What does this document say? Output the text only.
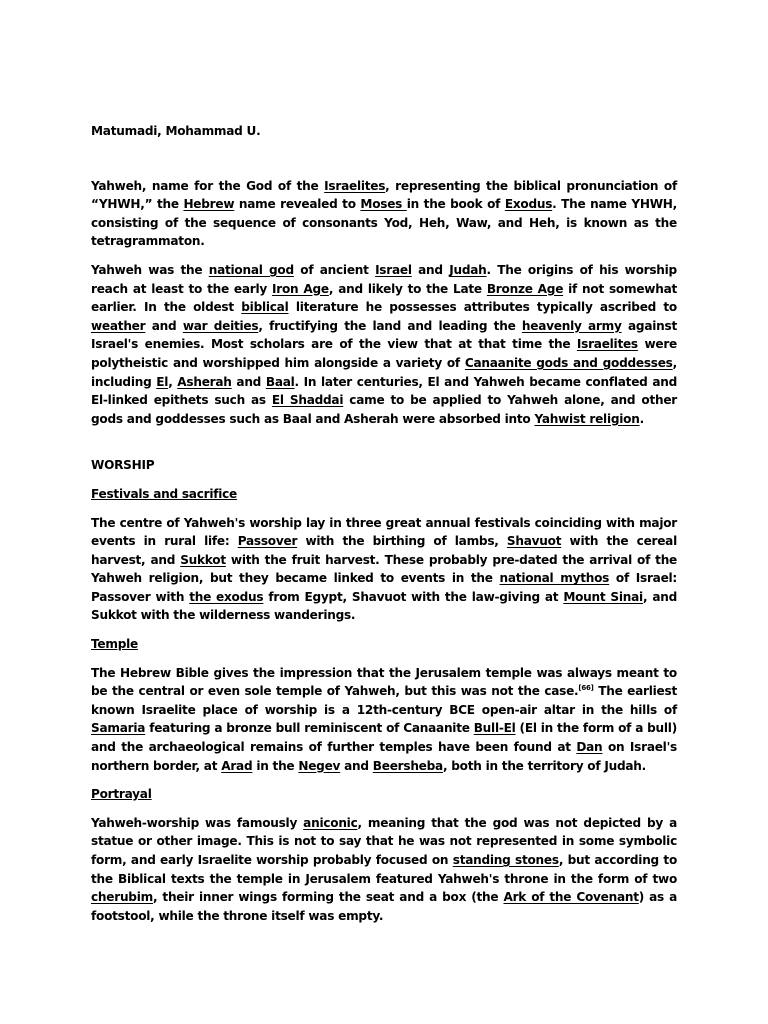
Matumadi, Mohammad U.

Yahweh, name for the God of the Israelites, representing the biblical pronunciation of “YHWH,” the Hebrew name revealed to Moses in the book of Exodus. The name YHWH, consisting of the sequence of consonants Yod, Heh, Waw, and Heh, is known as the tetragrammaton.

Yahweh was the national god of ancient Israel and Judah. The origins of his worship reach at least to the early Iron Age, and likely to the Late Bronze Age if not somewhat earlier. In the oldest biblical literature he possesses attributes typically ascribed to weather and war deities, fructifying the land and leading the heavenly army against Israel's enemies. Most scholars are of the view that at that time the Israelites were polytheistic and worshipped him alongside a variety of Canaanite gods and goddesses, including El, Asherah and Baal. In later centuries, El and Yahweh became conflated and El-linked epithets such as El Shaddai came to be applied to Yahweh alone, and other gods and goddesses such as Baal and Asherah were absorbed into Yahwist religion.

WORSHIP

Festivals and sacrifice

The centre of Yahweh's worship lay in three great annual festivals coinciding with major events in rural life: Passover with the birthing of lambs, Shavuot with the cereal harvest, and Sukkot with the fruit harvest. These probably pre-dated the arrival of the Yahweh religion, but they became linked to events in the national mythos of Israel: Passover with the exodus from Egypt, Shavuot with the law-giving at Mount Sinai, and Sukkot with the wilderness wanderings.

Temple

The Hebrew Bible gives the impression that the Jerusalem temple was always meant to be the central or even sole temple of Yahweh, but this was not the case.[66] The earliest known Israelite place of worship is a 12th-century BCE open-air altar in the hills of Samaria featuring a bronze bull reminiscent of Canaanite Bull-El (El in the form of a bull) and the archaeological remains of further temples have been found at Dan on Israel's northern border, at Arad in the Negev and Beersheba, both in the territory of Judah.

Portrayal

Yahweh-worship was famously aniconic, meaning that the god was not depicted by a statue or other image. This is not to say that he was not represented in some symbolic form, and early Israelite worship probably focused on standing stones, but according to the Biblical texts the temple in Jerusalem featured Yahweh's throne in the form of two cherubim, their inner wings forming the seat and a box (the Ark of the Covenant) as a footstool, while the throne itself was empty.
